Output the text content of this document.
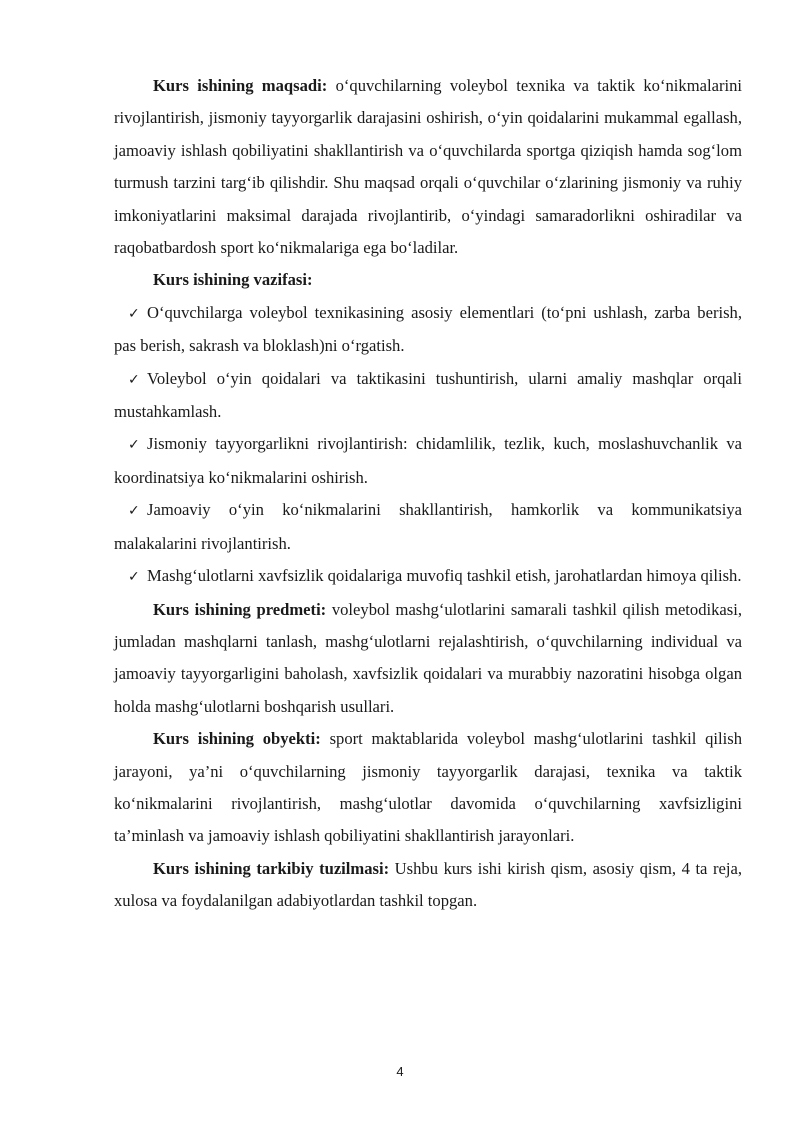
Kurs ishining maqsadi: o‘quvchilarning voleybol texnika va taktik ko‘nikmalarini rivojlantirish, jismoniy tayyorgarlik darajasini oshirish, o‘yin qoidalarini mukammal egallash, jamoaviy ishlash qobiliyatini shakllantirish va o‘quvchilarda sportga qiziqish hamda sog‘lom turmush tarzini targ‘ib qilishdir. Shu maqsad orqali o‘quvchilar o‘zlarining jismoniy va ruhiy imkoniyatlarini maksimal darajada rivojlantirib, o‘yindagi samaradorlikni oshiradilar va raqobatbardosh sport ko‘nikmalariga ega bo‘ladilar.

Kurs ishining vazifasi:

✓ O‘quvchilarga voleybol texnikasining asosiy elementlari (to‘pni ushlash, zarba berish, pas berish, sakrash va bloklash)ni o‘rgatish.

✓ Voleybol o‘yin qoidalari va taktikasini tushuntirish, ularni amaliy mashqlar orqali mustahkamlash.

✓ Jismoniy tayyorgarlikni rivojlantirish: chidamlilik, tezlik, kuch, moslashuvchanlik va koordinatsiya ko‘nikmalarini oshirish.

✓ Jamoaviy o‘yin ko‘nikmalarini shakllantirish, hamkorlik va kommunikatsiya malakalarini rivojlantirish.

✓ Mashg‘ulotlarni xavfsizlik qoidalariga muvofiq tashkil etish, jarohatlardan himoya qilish.

Kurs ishining predmeti: voleybol mashg‘ulotlarini samarali tashkil qilish metodikasi, jumladan mashqlarni tanlash, mashg‘ulotlarni rejalashtirish, o‘quvchilarning individual va jamoaviy tayyorgarligini baholash, xavfsizlik qoidalari va murabbiy nazoratini hisobga olgan holda mashg‘ulotlarni boshqarish usullari.

Kurs ishining obyekti: sport maktablarida voleybol mashg‘ulotlarini tashkil qilish jarayoni, ya’ni o‘quvchilarning jismoniy tayyorgarlik darajasi, texnika va taktik ko‘nikmalarini rivojlantirish, mashg‘ulotlar davomida o‘quvchilarning xavfsizligini ta’minlash va jamoaviy ishlash qobiliyatini shakllantirish jarayonlari.

Kurs ishining tarkibiy tuzilmasi: Ushbu kurs ishi kirish qism, asosiy qism, 4 ta reja, xulosa va foydalanilgan adabiyotlardan tashkil topgan.

4
